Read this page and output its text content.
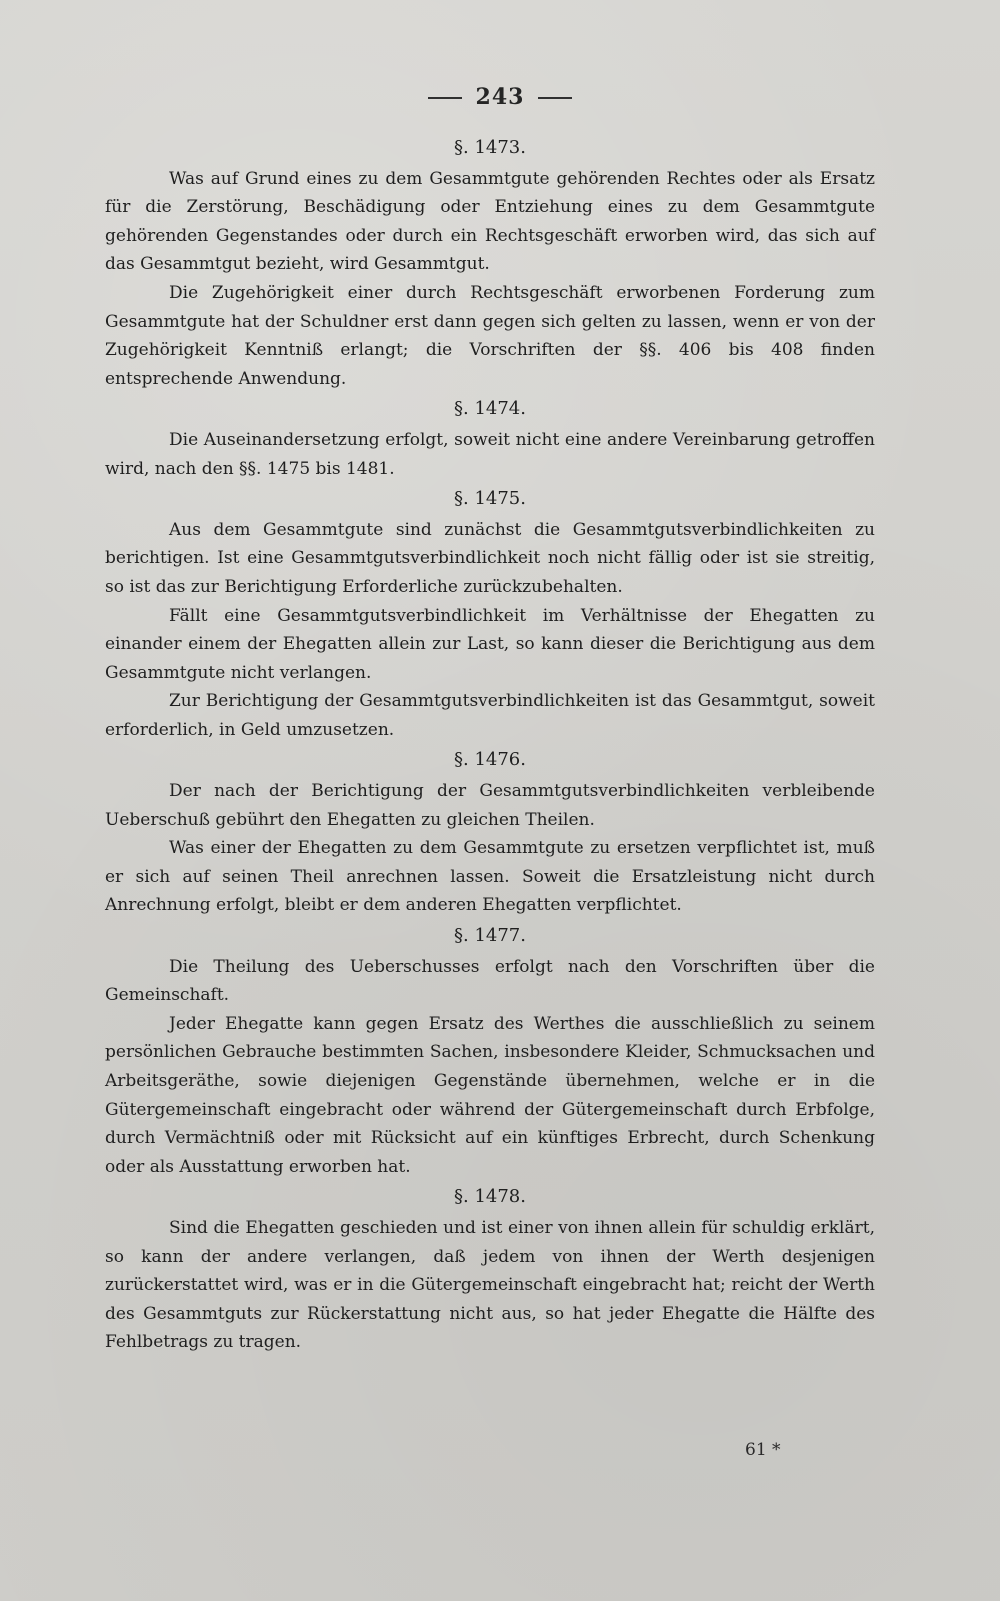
243
§. 1473.

Was auf Grund eines zu dem Gesammtgute gehörenden Rechtes oder als Ersatz für die Zerstörung, Beschädigung oder Entziehung eines zu dem Gesammtgute gehörenden Gegenstandes oder durch ein Rechtsgeschäft erworben wird, das sich auf das Gesammtgut bezieht, wird Gesammtgut.

Die Zugehörigkeit einer durch Rechtsgeschäft erworbenen Forderung zum Gesammtgute hat der Schuldner erst dann gegen sich gelten zu lassen, wenn er von der Zugehörigkeit Kenntniß erlangt; die Vorschriften der §§. 406 bis 408 finden entsprechende Anwendung.

§. 1474.

Die Auseinandersetzung erfolgt, soweit nicht eine andere Vereinbarung getroffen wird, nach den §§. 1475 bis 1481.

§. 1475.

Aus dem Gesammtgute sind zunächst die Gesammtgutsverbindlichkeiten zu berichtigen. Ist eine Gesammtgutsverbindlichkeit noch nicht fällig oder ist sie streitig, so ist das zur Berichtigung Erforderliche zurückzubehalten.

Fällt eine Gesammtgutsverbindlichkeit im Verhältnisse der Ehegatten zu einander einem der Ehegatten allein zur Last, so kann dieser die Berichtigung aus dem Gesammtgute nicht verlangen.

Zur Berichtigung der Gesammtgutsverbindlichkeiten ist das Gesammtgut, soweit erforderlich, in Geld umzusetzen.

§. 1476.

Der nach der Berichtigung der Gesammtgutsverbindlichkeiten verbleibende Ueberschuß gebührt den Ehegatten zu gleichen Theilen.

Was einer der Ehegatten zu dem Gesammtgute zu ersetzen verpflichtet ist, muß er sich auf seinen Theil anrechnen lassen. Soweit die Ersatzleistung nicht durch Anrechnung erfolgt, bleibt er dem anderen Ehegatten verpflichtet.

§. 1477.

Die Theilung des Ueberschusses erfolgt nach den Vorschriften über die Gemeinschaft.

Jeder Ehegatte kann gegen Ersatz des Werthes die ausschließlich zu seinem persönlichen Gebrauche bestimmten Sachen, insbesondere Kleider, Schmucksachen und Arbeitsgeräthe, sowie diejenigen Gegenstände übernehmen, welche er in die Gütergemeinschaft eingebracht oder während der Gütergemeinschaft durch Erbfolge, durch Vermächtniß oder mit Rücksicht auf ein künftiges Erbrecht, durch Schenkung oder als Ausstattung erworben hat.

§. 1478.

Sind die Ehegatten geschieden und ist einer von ihnen allein für schuldig erklärt, so kann der andere verlangen, daß jedem von ihnen der Werth desjenigen zurückerstattet wird, was er in die Gütergemeinschaft eingebracht hat; reicht der Werth des Gesammtguts zur Rückerstattung nicht aus, so hat jeder Ehegatte die Hälfte des Fehlbetrags zu tragen.

61 *
